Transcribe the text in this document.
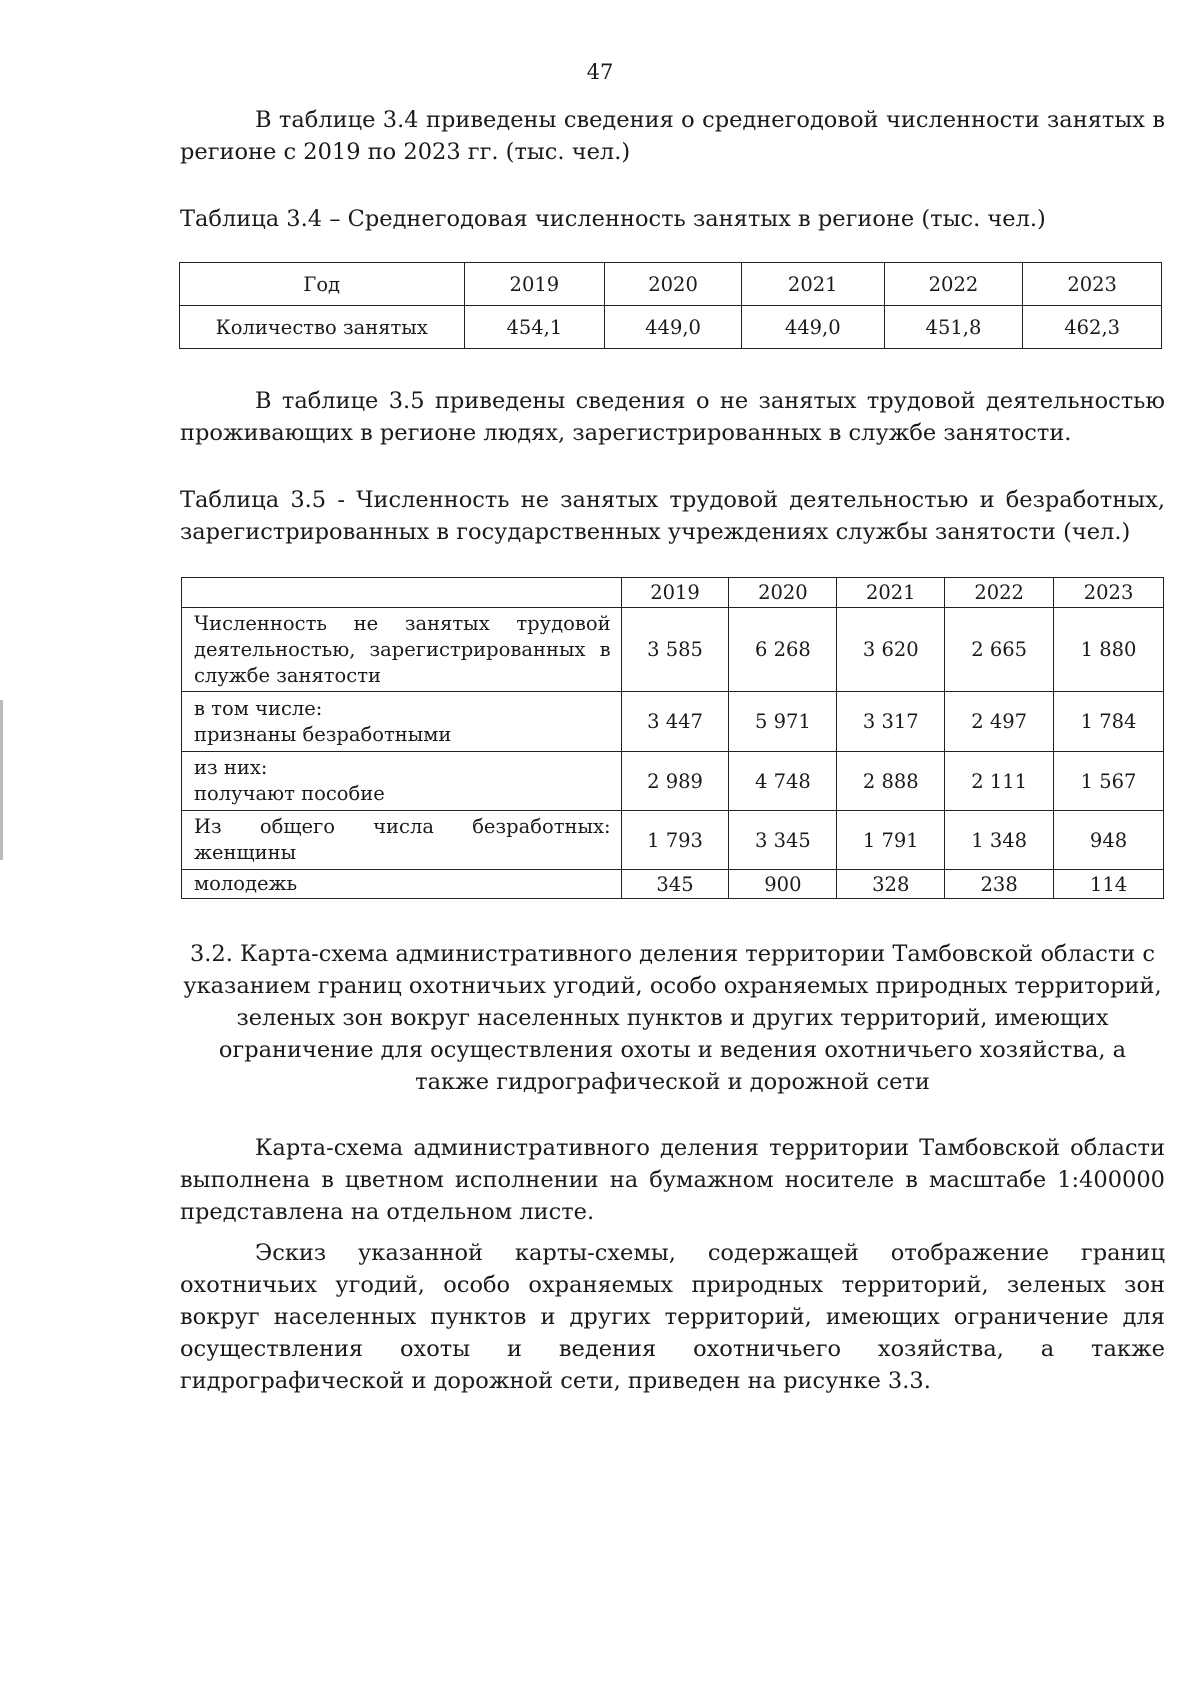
47

В таблице 3.4 приведены сведения о среднегодовой численности занятых в регионе с 2019 по 2023 гг. (тыс. чел.)

Таблица 3.4 – Среднегодовая численность занятых в регионе (тыс. чел.)

Год	2019	2020	2021	2022	2023
Количество занятых	454,1	449,0	449,0	451,8	462,3

В таблице 3.5 приведены сведения о не занятых трудовой деятельностью проживающих в регионе людях, зарегистрированных в службе занятости.

Таблица 3.5 - Численность не занятых трудовой деятельностью и безработных, зарегистрированных в государственных учреждениях службы занятости (чел.)

	2019	2020	2021	2022	2023

Численность не занятых трудовой
деятельностью, зарегистрированных в
службе занятости	3 585	6 268	3 620	2 665	1 880

в том числе:
признаны безработными	3 447	5 971	3 317	2 497	1 784

из них:
получают пособие	2 989	4 748	2 888	2 111	1 567

Из общего числа безработных:
женщины	1 793	3 345	1 791	1 348	948

молодежь	345	900	328	238	114

3.2. Карта-схема административного деления территории Тамбовской области с указанием границ охотничьих угодий, особо охраняемых природных территорий, зеленых зон вокруг населенных пунктов и других территорий, имеющих ограничение для осуществления охоты и ведения охотничьего хозяйства, а также гидрографической и дорожной сети

Карта-схема административного деления территории Тамбовской области выполнена в цветном исполнении на бумажном носителе в масштабе 1:400000 представлена на отдельном листе.

Эскиз указанной карты-схемы, содержащей отображение границ охотничьих угодий, особо охраняемых природных территорий, зеленых зон вокруг населенных пунктов и других территорий, имеющих ограничение для осуществления охоты и ведения охотничьего хозяйства, а также гидрографической и дорожной сети, приведен на рисунке 3.3.
